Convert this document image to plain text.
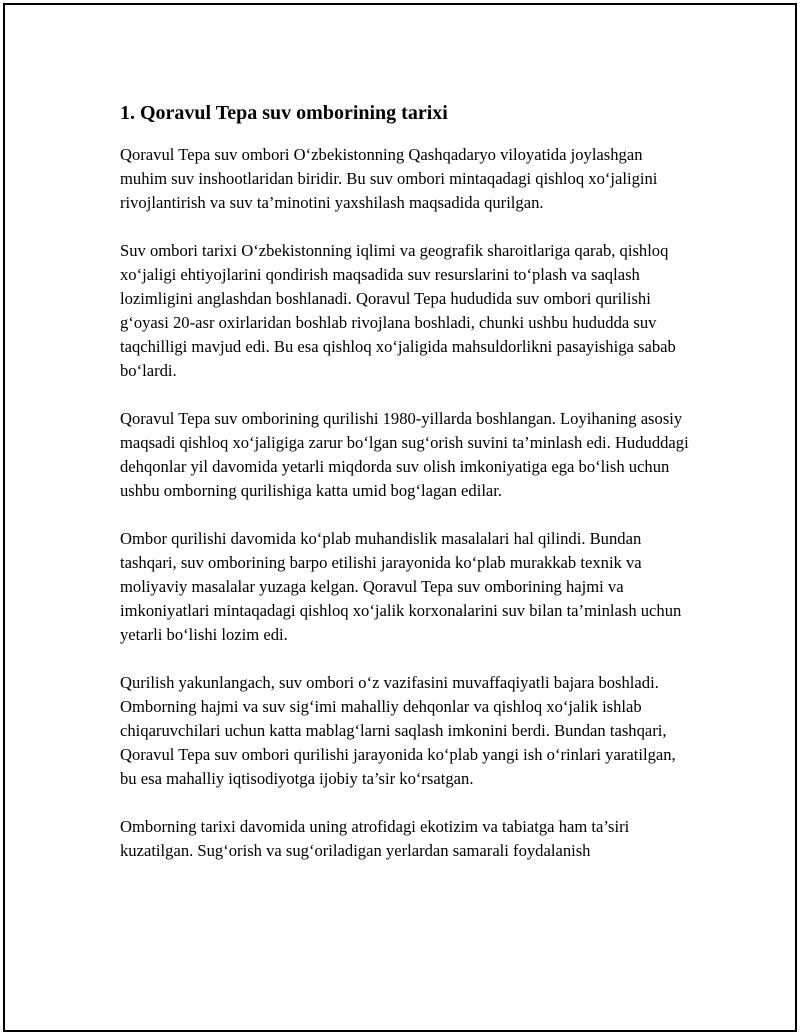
1. Qoravul Tepa suv omborining tarixi

Qoravul Tepa suv ombori O‘zbekistonning Qashqadaryo viloyatida joylashgan muhim suv inshootlaridan biridir. Bu suv ombori mintaqadagi qishloq xo‘jaligini rivojlantirish va suv ta’minotini yaxshilash maqsadida qurilgan.

Suv ombori tarixi O‘zbekistonning iqlimi va geografik sharoitlariga qarab, qishloq xo‘jaligi ehtiyojlarini qondirish maqsadida suv resurslarini to‘plash va saqlash lozimligini anglashdan boshlanadi. Qoravul Tepa hududida suv ombori qurilishi g‘oyasi 20-asr oxirlaridan boshlab rivojlana boshladi, chunki ushbu hududda suv taqchilligi mavjud edi. Bu esa qishloq xo‘jaligida mahsuldorlikni pasayishiga sabab bo‘lardi.

Qoravul Tepa suv omborining qurilishi 1980-yillarda boshlangan. Loyihaning asosiy maqsadi qishloq xo‘jaligiga zarur bo‘lgan sug‘orish suvini ta’minlash edi. Hududdagi dehqonlar yil davomida yetarli miqdorda suv olish imkoniyatiga ega bo‘lish uchun ushbu omborning qurilishiga katta umid bog‘lagan edilar.

Ombor qurilishi davomida ko‘plab muhandislik masalalari hal qilindi. Bundan tashqari, suv omborining barpo etilishi jarayonida ko‘plab murakkab texnik va moliyaviy masalalar yuzaga kelgan. Qoravul Tepa suv omborining hajmi va imkoniyatlari mintaqadagi qishloq xo‘jalik korxonalarini suv bilan ta’minlash uchun yetarli bo‘lishi lozim edi.

Qurilish yakunlangach, suv ombori o‘z vazifasini muvaffaqiyatli bajara boshladi. Omborning hajmi va suv sig‘imi mahalliy dehqonlar va qishloq xo‘jalik ishlab chiqaruvchilari uchun katta mablag‘larni saqlash imkonini berdi. Bundan tashqari, Qoravul Tepa suv ombori qurilishi jarayonida ko‘plab yangi ish o‘rinlari yaratilgan, bu esa mahalliy iqtisodiyotga ijobiy ta’sir ko‘rsatgan.

Omborning tarixi davomida uning atrofidagi ekotizim va tabiatga ham ta’siri kuzatilgan. Sug‘orish va sug‘oriladigan yerlardan samarali foydalanish
